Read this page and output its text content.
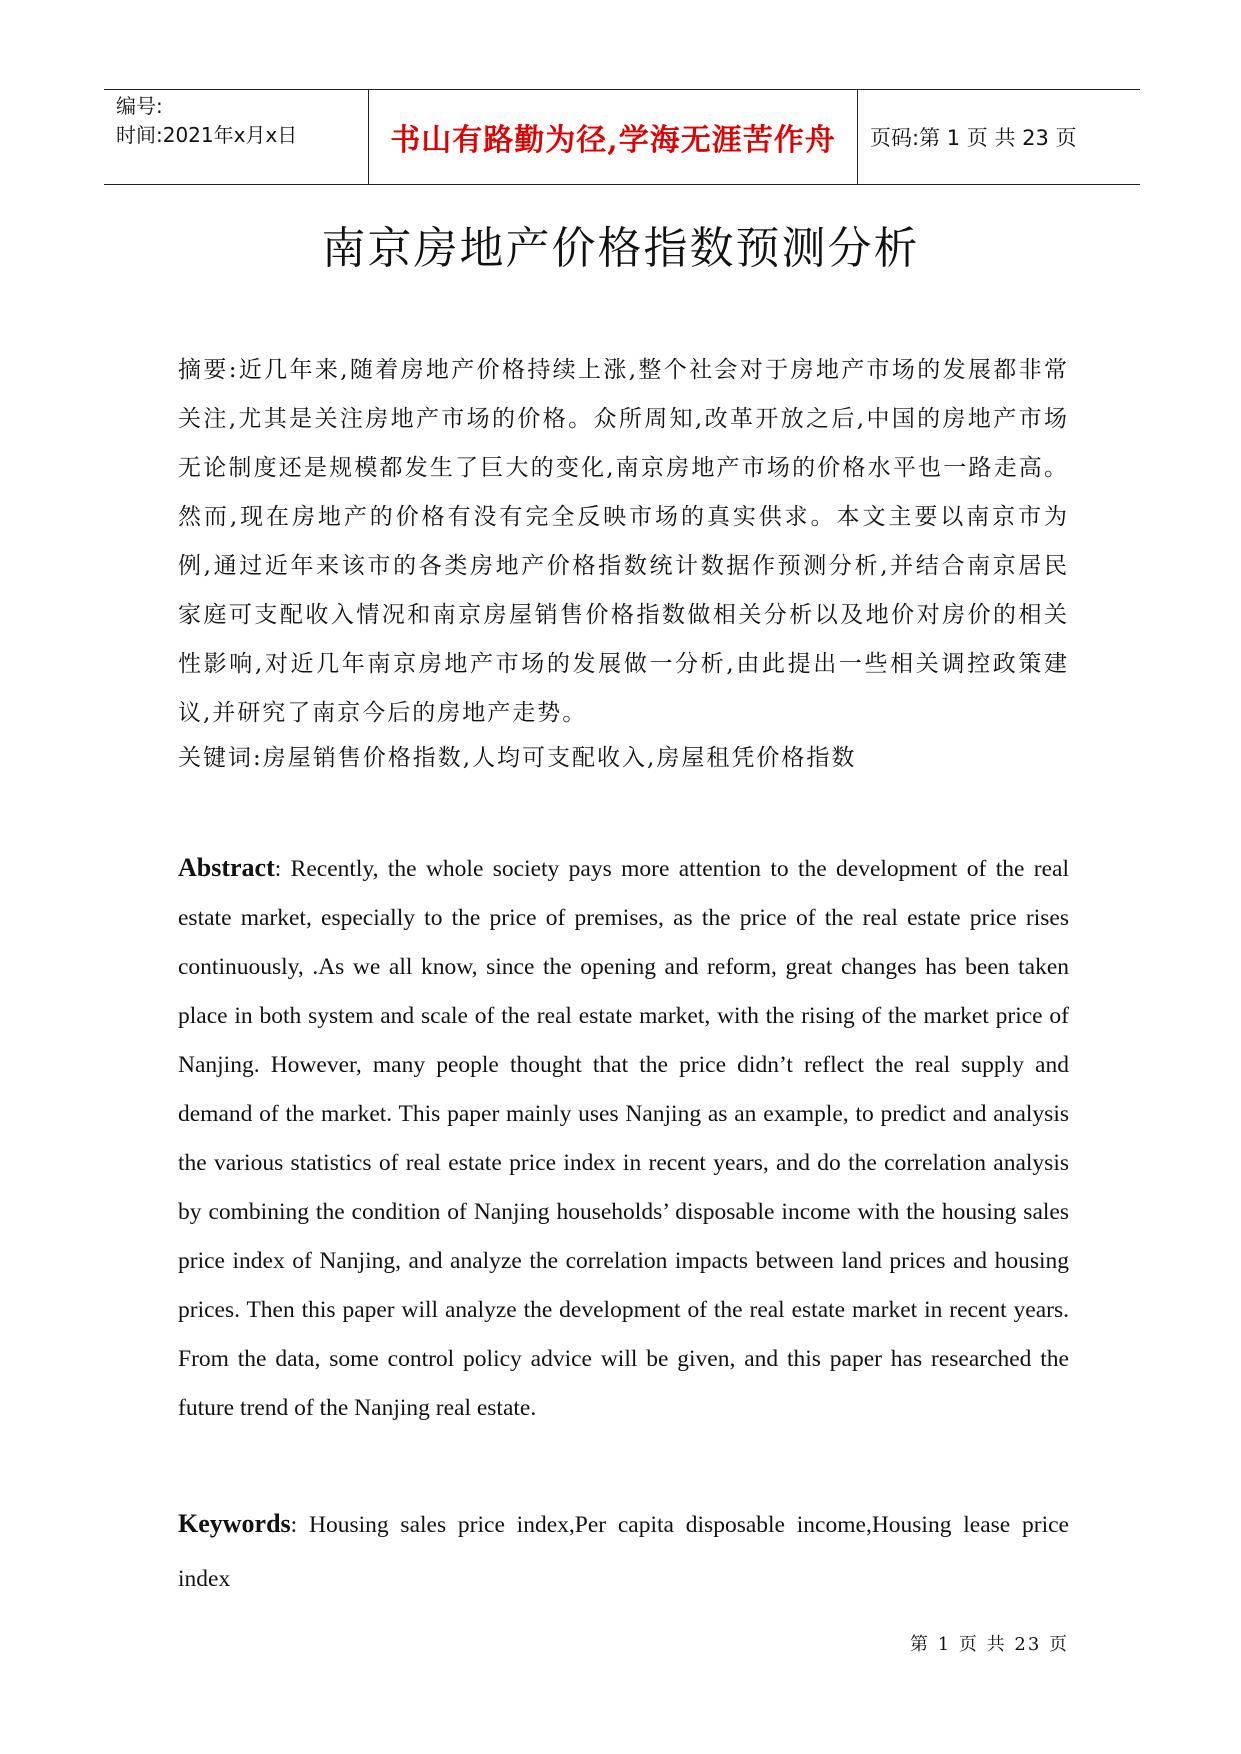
编号:
时间:2021年x月x日	书山有路勤为径,学海无涯苦作舟	页码:第 1 页 共 23 页
南京房地产价格指数预测分析

摘要:近几年来,随着房地产价格持续上涨,整个社会对于房地产市场的发展都非常关注,尤其是关注房地产市场的价格。众所周知,改革开放之后,中国的房地产市场无论制度还是规模都发生了巨大的变化,南京房地产市场的价格水平也一路走高。然而,现在房地产的价格有没有完全反映市场的真实供求。本文主要以南京市为例,通过近年来该市的各类房地产价格指数统计数据作预测分析,并结合南京居民家庭可支配收入情况和南京房屋销售价格指数做相关分析以及地价对房价的相关性影响,对近几年南京房地产市场的发展做一分析,由此提出一些相关调控政策建议,并研究了南京今后的房地产走势。

关键词:房屋销售价格指数,人均可支配收入,房屋租凭价格指数

Abstract: Recently, the whole society pays more attention to the development of the real estate market, especially to the price of premises, as the price of the real estate price rises continuously, .As we all know, since the opening and reform, great changes has been taken place in both system and scale of the real estate market, with the rising of the market price of Nanjing. However, many people thought that the price didn’t reflect the real supply and demand of the market. This paper mainly uses Nanjing as an example, to predict and analysis the various statistics of real estate price index in recent years, and do the correlation analysis by combining the condition of Nanjing households’ disposable income with the housing sales price index of Nanjing, and analyze the correlation impacts between land prices and housing prices. Then this paper will analyze the development of the real estate market in recent years. From the data, some control policy advice will be given, and this paper has researched the future trend of the Nanjing real estate.

Keywords: Housing sales price index,Per capita disposable income,Housing lease price index

第 1 页 共 23 页
